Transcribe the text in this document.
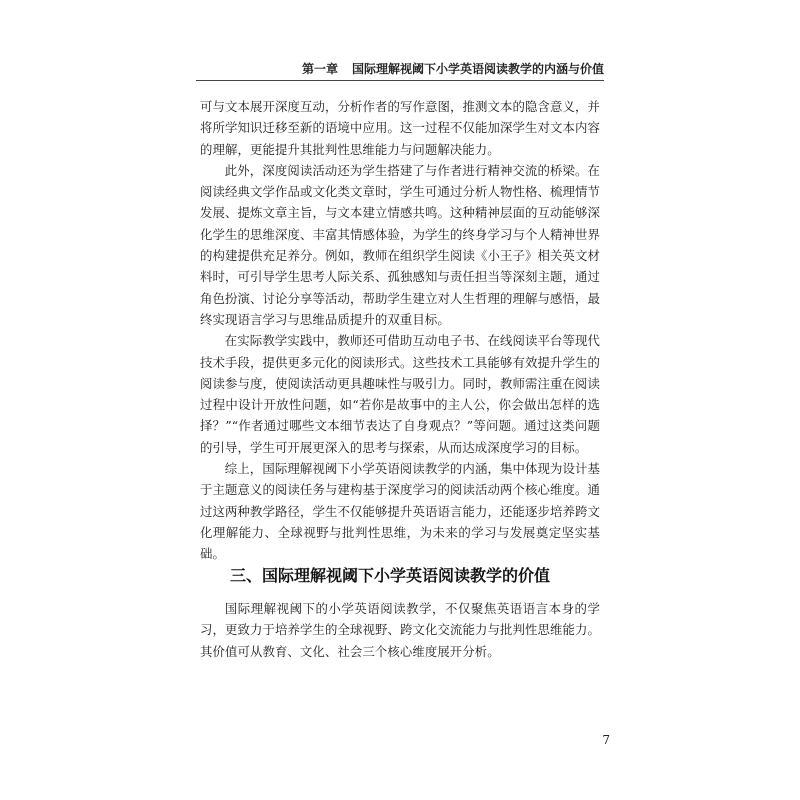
第一章 国际理解视阈下小学英语阅读教学的内涵与价值

可与文本展开深度互动，分析作者的写作意图，推测文本的隐含意义，并将所学知识迁移至新的语境中应用。这一过程不仅能加深学生对文本内容的理解，更能提升其批判性思维能力与问题解决能力。

此外，深度阅读活动还为学生搭建了与作者进行精神交流的桥梁。在阅读经典文学作品或文化类文章时，学生可通过分析人物性格、梳理情节发展、提炼文章主旨，与文本建立情感共鸣。这种精神层面的互动能够深化学生的思维深度、丰富其情感体验，为学生的终身学习与个人精神世界的构建提供充足养分。例如，教师在组织学生阅读《小王子》相关英文材料时，可引导学生思考人际关系、孤独感知与责任担当等深刻主题，通过角色扮演、讨论分享等活动，帮助学生建立对人生哲理的理解与感悟，最终实现语言学习与思维品质提升的双重目标。

在实际教学实践中，教师还可借助互动电子书、在线阅读平台等现代技术手段，提供更多元化的阅读形式。这些技术工具能够有效提升学生的阅读参与度，使阅读活动更具趣味性与吸引力。同时，教师需注重在阅读过程中设计开放性问题，如“若你是故事中的主人公，你会做出怎样的选择？”“作者通过哪些文本细节表达了自身观点？”等问题。通过这类问题的引导，学生可开展更深入的思考与探索，从而达成深度学习的目标。

综上，国际理解视阈下小学英语阅读教学的内涵，集中体现为设计基于主题意义的阅读任务与建构基于深度学习的阅读活动两个核心维度。通过这两种教学路径，学生不仅能够提升英语语言能力，还能逐步培养跨文化理解能力、全球视野与批判性思维，为未来的学习与发展奠定坚实基础。

三、国际理解视阈下小学英语阅读教学的价值

国际理解视阈下的小学英语阅读教学，不仅聚焦英语语言本身的学习，更致力于培养学生的全球视野、跨文化交流能力与批判性思维能力。其价值可从教育、文化、社会三个核心维度展开分析。

7
